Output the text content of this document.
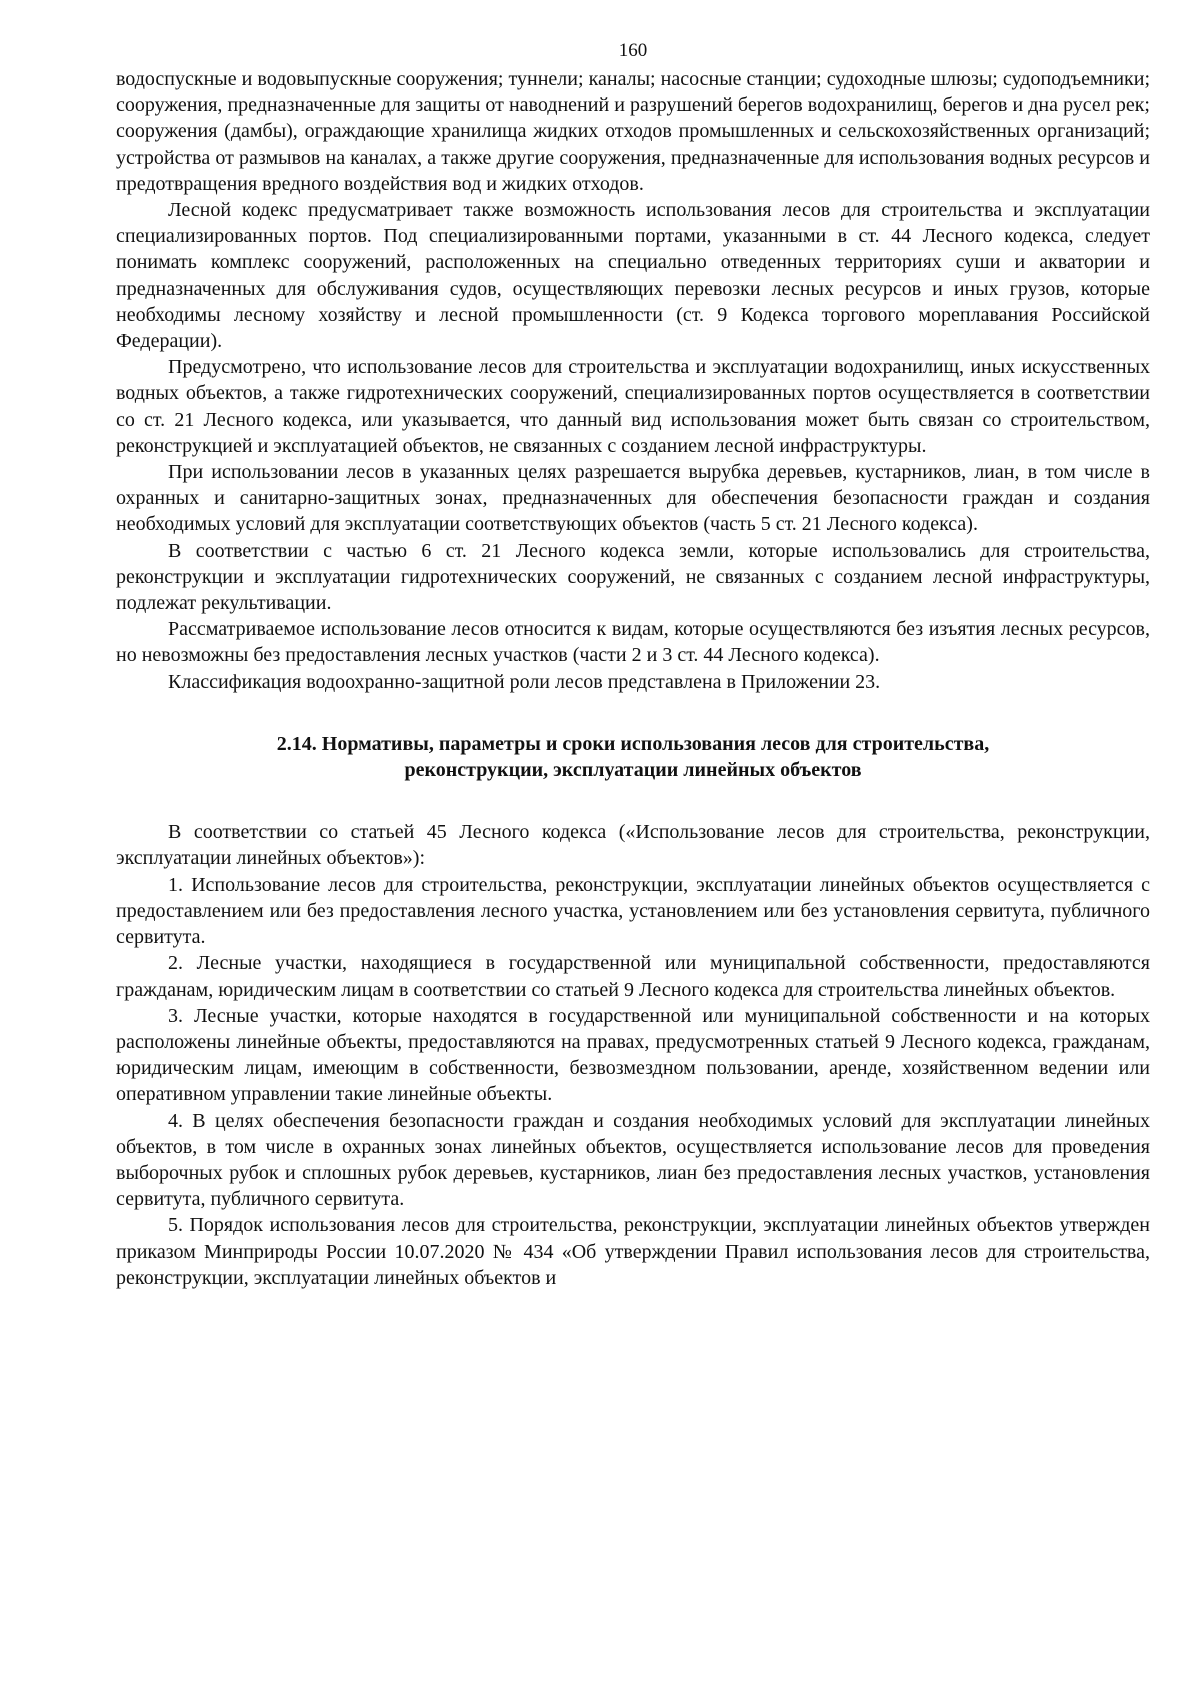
160

водоспускные и водовыпускные сооружения; туннели; каналы; насосные станции; судоходные шлюзы; судоподъемники; сооружения, предназначенные для защиты от наводнений и разрушений берегов водохранилищ, берегов и дна русел рек; сооружения (дамбы), ограждающие хранилища жидких отходов промышленных и сельскохозяйственных организаций; устройства от размывов на каналах, а также другие сооружения, предназначенные для использования водных ресурсов и предотвращения вредного воздействия вод и жидких отходов.

Лесной кодекс предусматривает также возможность использования лесов для строительства и эксплуатации специализированных портов. Под специализированными портами, указанными в ст. 44 Лесного кодекса, следует понимать комплекс сооружений, расположенных на специально отведенных территориях суши и акватории и предназначенных для обслуживания судов, осуществляющих перевозки лесных ресурсов и иных грузов, которые необходимы лесному хозяйству и лесной промышленности (ст. 9 Кодекса торгового мореплавания Российской Федерации).

Предусмотрено, что использование лесов для строительства и эксплуатации водохранилищ, иных искусственных водных объектов, а также гидротехнических сооружений, специализированных портов осуществляется в соответствии со ст. 21 Лесного кодекса, или указывается, что данный вид использования может быть связан со строительством, реконструкцией и эксплуатацией объектов, не связанных с созданием лесной инфраструктуры.

При использовании лесов в указанных целях разрешается вырубка деревьев, кустарников, лиан, в том числе в охранных и санитарно-защитных зонах, предназначенных для обеспечения безопасности граждан и создания необходимых условий для эксплуатации соответствующих объектов (часть 5 ст. 21 Лесного кодекса).

В соответствии с частью 6 ст. 21 Лесного кодекса земли, которые использовались для строительства, реконструкции и эксплуатации гидротехнических сооружений, не связанных с созданием лесной инфраструктуры, подлежат рекультивации.

Рассматриваемое использование лесов относится к видам, которые осуществляются без изъятия лесных ресурсов, но невозможны без предоставления лесных участков (части 2 и 3 ст. 44 Лесного кодекса).

Классификация водоохранно-защитной роли лесов представлена в Приложении 23.

2.14. Нормативы, параметры и сроки использования лесов для строительства,
реконструкции, эксплуатации линейных объектов

В соответствии со статьей 45 Лесного кодекса («Использование лесов для строительства, реконструкции, эксплуатации линейных объектов»):

1. Использование лесов для строительства, реконструкции, эксплуатации линейных объектов осуществляется с предоставлением или без предоставления лесного участка, установлением или без установления сервитута, публичного сервитута.

2. Лесные участки, находящиеся в государственной или муниципальной собственности, предоставляются гражданам, юридическим лицам в соответствии со статьей 9 Лесного кодекса для строительства линейных объектов.

3. Лесные участки, которые находятся в государственной или муниципальной собственности и на которых расположены линейные объекты, предоставляются на правах, предусмотренных статьей 9 Лесного кодекса, гражданам, юридическим лицам, имеющим в собственности, безвозмездном пользовании, аренде, хозяйственном ведении или оперативном управлении такие линейные объекты.

4. В целях обеспечения безопасности граждан и создания необходимых условий для эксплуатации линейных объектов, в том числе в охранных зонах линейных объектов, осуществляется использование лесов для проведения выборочных рубок и сплошных рубок деревьев, кустарников, лиан без предоставления лесных участков, установления сервитута, публичного сервитута.

5. Порядок использования лесов для строительства, реконструкции, эксплуатации линейных объектов утвержден приказом Минприроды России 10.07.2020 № 434 «Об утверждении Правил использования лесов для строительства, реконструкции, эксплуатации линейных объектов и
